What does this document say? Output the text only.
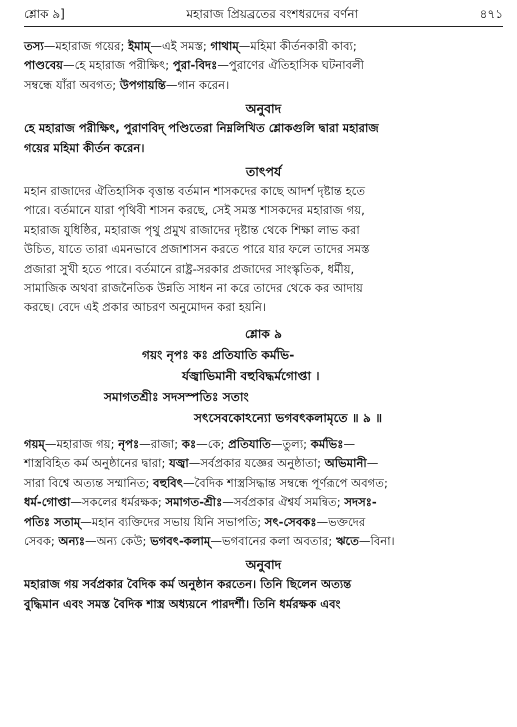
শ্লোক ৯]	মহারাজ প্রিয়ব্রতের বংশধরদের বর্ণনা	৪৭১

তস্য—মহারাজ গয়ের; ইমাম্—এই সমস্ত; গাথাম্—মহিমা কীর্তনকারী কাব্য;

পাণ্ডবেয়—হে মহারাজ পরীক্ষিৎ; পুরা-বিদঃ—পুরাণের ঐতিহাসিক ঘটনাবলী

সম্বন্ধে যাঁরা অবগত; উপগায়ন্তি—গান করেন।

অনুবাদ

হে মহারাজ পরীক্ষিৎ, পুরাণবিদ্‌ পণ্ডিতেরা নিম্নলিখিত শ্লোকগুলি দ্বারা মহারাজ

গয়ের মহিমা কীর্তন করেন।

তাৎপর্য

মহান রাজাদের ঐতিহাসিক বৃত্তান্ত বর্তমান শাসকদের কাছে আদর্শ দৃষ্টান্ত হতে

পারে। বর্তমানে যারা পৃথিবী শাসন করছে, সেই সমস্ত শাসকদের মহারাজ গয়,

মহারাজ যুধিষ্ঠির, মহারাজ পৃথু প্রমুখ রাজাদের দৃষ্টান্ত থেকে শিক্ষা লাভ করা

উচিত, যাতে তারা এমনভাবে প্রজাশাসন করতে পারে যার ফলে তাদের সমস্ত

প্রজারা সুখী হতে পারে। বর্তমানে রাষ্ট্র-সরকার প্রজাদের সাংস্কৃতিক, ধর্মীয়,

সামাজিক অথবা রাজনৈতিক উন্নতি সাধন না করে তাদের থেকে কর আদায়

করছে। বেদে এই প্রকার আচরণ অনুমোদন করা হয়নি।

শ্লোক ৯
গয়ং নৃপঃ কঃ প্রতিযাতি কর্মভি-
র্যজ্বাভিমানী বহুবিদ্ধর্মগোপ্তা ।
সমাগতশ্রীঃ সদসস্পতিঃ সতাং
সৎসেবকোঽন্যো ভগবৎকলামৃতে ॥ ৯ ॥

গয়ম্—মহারাজ গয়; নৃপঃ—রাজা; কঃ—কে; প্রতিযাতি—তুল্য; কর্মভিঃ—

শাস্ত্রবিহিত কর্ম অনুষ্ঠানের দ্বারা; যজ্বা—সর্বপ্রকার যজ্ঞের অনুষ্ঠাতা; অভিমানী—

সারা বিশ্বে অত্যন্ত সম্মানিত; বহুবিৎ—বৈদিক শাস্ত্রসিদ্ধান্ত সম্বন্ধে পূর্ণরূপে অবগত;

ধর্ম-গোপ্তা—সকলের ধর্মরক্ষক; সমাগত-শ্রীঃ—সর্বপ্রকার ঐশ্বর্য সমন্বিত; সদসঃ-

পতিঃ সতাম্—মহান ব্যক্তিদের সভায় যিনি সভাপতি; সৎ-সেবকঃ—ভক্তদের

সেবক; অন্যঃ—অন্য কেউ; ভগবৎ-কলাম্—ভগবানের কলা অবতার; ঋতে—বিনা।

অনুবাদ

মহারাজ গয় সর্বপ্রকার বৈদিক কর্ম অনুষ্ঠান করতেন। তিনি ছিলেন অত্যন্ত

বুদ্ধিমান এবং সমস্ত বৈদিক শাস্ত্র অধ্যয়নে পারদর্শী। তিনি ধর্মরক্ষক এবং
